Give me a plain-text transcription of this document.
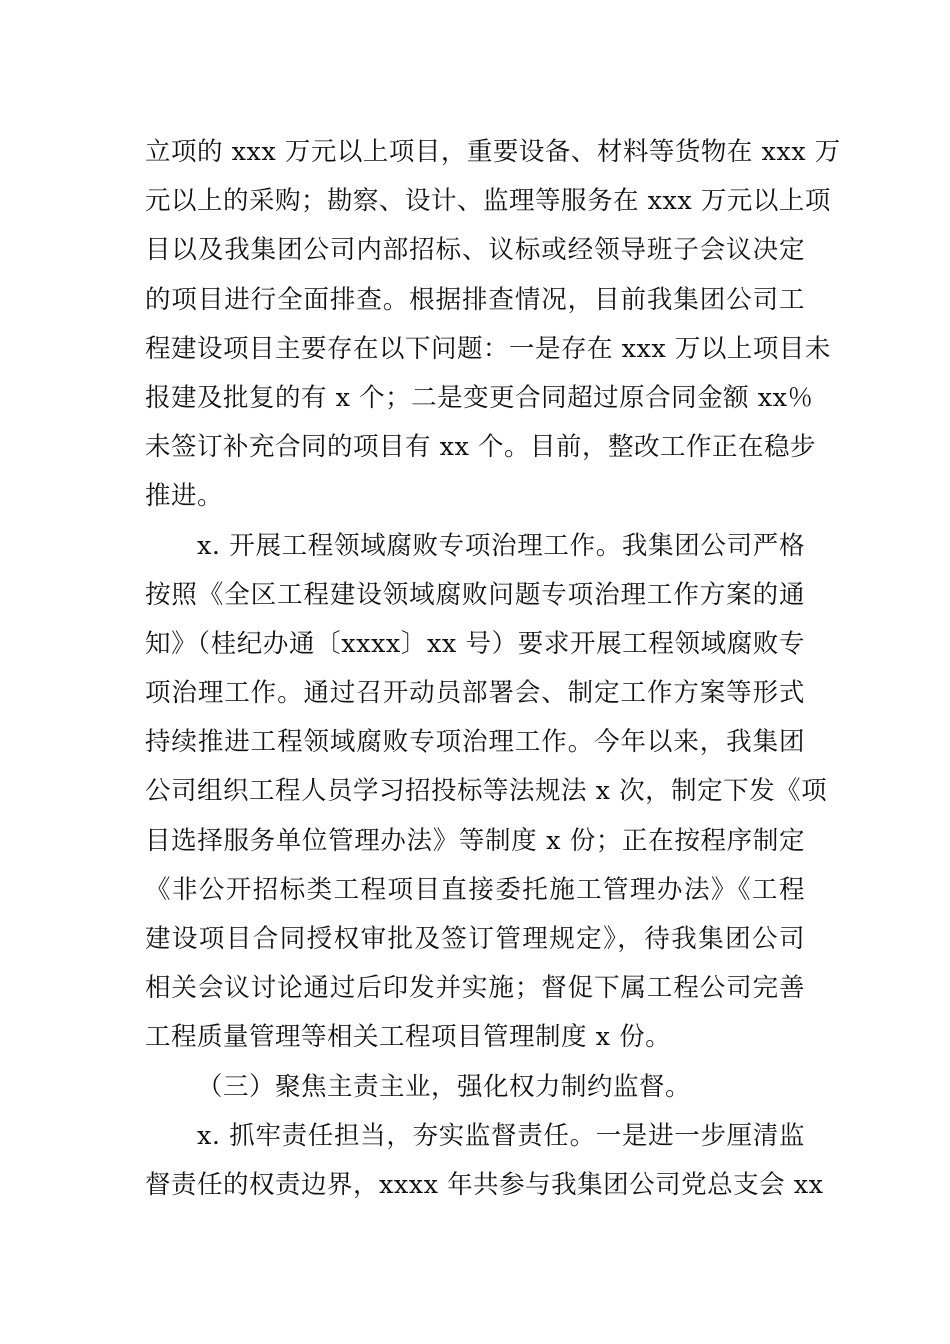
立项的 xxx 万元以上项目，重要设备、材料等货物在 xxx 万
元以上的采购；勘察、设计、监理等服务在 xxx 万元以上项
目以及我集团公司内部招标、议标或经领导班子会议决定
的项目进行全面排查。根据排查情况，目前我集团公司工
程建设项目主要存在以下问题：一是存在 xxx 万以上项目未
报建及批复的有 x 个；二是变更合同超过原合同金额 xx％
未签订补充合同的项目有 xx 个。目前，整改工作正在稳步
推进。
x. 开展工程领域腐败专项治理工作。我集团公司严格
按照《全区工程建设领域腐败问题专项治理工作方案的通
知》（桂纪办通〔xxxx〕xx 号）要求开展工程领域腐败专
项治理工作。通过召开动员部署会、制定工作方案等形式
持续推进工程领域腐败专项治理工作。今年以来，我集团
公司组织工程人员学习招投标等法规法 x 次，制定下发《项
目选择服务单位管理办法》等制度 x 份；正在按程序制定
《非公开招标类工程项目直接委托施工管理办法》《工程
建设项目合同授权审批及签订管理规定》，待我集团公司
相关会议讨论通过后印发并实施；督促下属工程公司完善
工程质量管理等相关工程项目管理制度 x 份。
（三）聚焦主责主业，强化权力制约监督。
x. 抓牢责任担当，夯实监督责任。一是进一步厘清监
督责任的权责边界，xxxx 年共参与我集团公司党总支会 xx
